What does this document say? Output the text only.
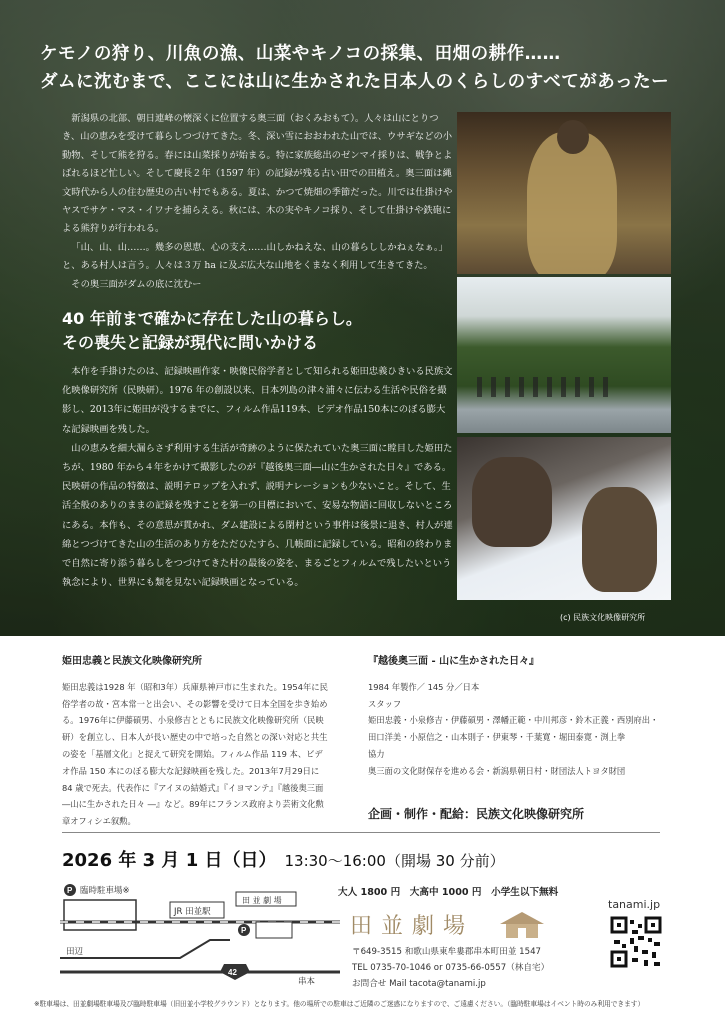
ケモノの狩り、川魚の漁、山菜やキノコの採集、田畑の耕作……
ダムに沈むまで、ここには山に生かされた日本人のくらしのすべてがあったー

新潟県の北部、朝日連峰の懐深くに位置する奥三面（おくみおもて）。人々は山にとりつき、山の恵みを受けて暮らしつづけてきた。冬、深い雪におおわれた山では、ウサギなどの小動物、そして熊を狩る。春には山菜採りが始まる。特に家族総出のゼンマイ採りは、戦争とよばれるほど忙しい。そして慶長２年（1597 年）の記録が残る古い田での田植え。奥三面は縄文時代から人の住む歴史の古い村でもある。夏は、かつて焼畑の季節だった。川では仕掛けやヤスでサケ・マス・イワナを捕らえる。秋には、木の実やキノコ採り、そして仕掛けや鉄砲による熊狩りが行われる。

「山、山、山……。幾多の恩恵、心の支え……山しかねえな、山の暮らししかねぇなぁ。」と、ある村人は言う。人々は３万 ha に及ぶ広大な山地をくまなく利用して生きてきた。

その奥三面がダムの底に沈むー

40 年前まで確かに存在した山の暮らし。
その喪失と記録が現代に問いかける

本作を手掛けたのは、記録映画作家・映像民俗学者として知られる姫田忠義ひきいる民族文化映像研究所（民映研）。1976 年の創設以来、日本列島の津々浦々に伝わる生活や民俗を撮影し、2013年に姫田が没するまでに、フィルム作品119本、ビデオ作品150本にのぼる膨大な記録映画を残した。

山の恵みを細大漏らさず利用する生活が奇跡のように保たれていた奥三面に瞠目した姫田たちが、1980 年から４年をかけて撮影したのが『越後奥三面―山に生かされた日々』である。民映研の作品の特徴は、説明テロップを入れず、説明ナレーションも少ないこと。そして、生活全般のありのままの記録を残すことを第一の目標において、安易な物語に回収しないところにある。本作も、その意思が貫かれ、ダム建設による閉村という事件は後景に退き、村人が連綿とつづけてきた山の生活のあり方をただひたすら、几帳面に記録している。昭和の終わりまで自然に寄り添う暮らしをつづけてきた村の最後の姿を、まるごとフィルムで残したいという執念により、世界にも類を見ない記録映画となっている。

(c) 民族文化映像研究所
姫田忠義と民族文化映像研究所
姫田忠義は1928 年（昭和3年）兵庫県神戸市に生まれた。1954年に民俗学者の故・宮本常一と出会い、その影響を受けて日本全国を歩き始める。1976年に伊藤碩男、小泉修吉とともに民族文化映像研究所（民映研）を創立し、日本人が長い歴史の中で培った自然との深い対応と共生の姿を「基層文化」と捉えて研究を開始。フィルム作品 119 本、ビデオ作品 150 本にのぼる膨大な記録映画を残した。2013年7月29日に 84 歳で死去。代表作に『アイヌの結婚式』『イヨマンテ』『越後奥三面―山に生かされた日々 ―』など。89年にフランス政府より芸術文化勲章オフィシエ叙勲。
『越後奥三面 - 山に生かされた日々』
1984 年製作／ 145 分／日本
スタッフ
姫田忠義・小泉修吉・伊藤碩男・澤幡正範・中川邦彦・鈴木正義・西別府出・
田口洋美・小原信之・山本則子・伊東琴・千葉寛・堀田泰寛・渕上拳
協力
奥三面の文化財保存を進める会・新潟県朝日村・財団法人トヨタ財団
企画・制作・配給：民族文化映像研究所
2026 年 3 月 1 日（日） 13:30〜16:00（開場 30 分前）
P 臨時駐車場※
JR 田並駅
田 並 劇 場
P
田辺
串本
42
大人 1800 円　大高中 1000 円　小学生以下無料
田並劇場
〒649-3515 和歌山県東牟婁郡串本町田並 1547
TEL 0735-70-1046 or 0735-66-0557（林自宅）
お問合せ Mail tacota@tanami.jp
tanami.jp
※駐車場は、田並劇場駐車場及び臨時駐車場（旧田並小学校グラウンド）となります。他の場所での駐車はご近隣のご迷惑になりますので、ご遠慮ください。（臨時駐車場はイベント時のみ利用できます）
